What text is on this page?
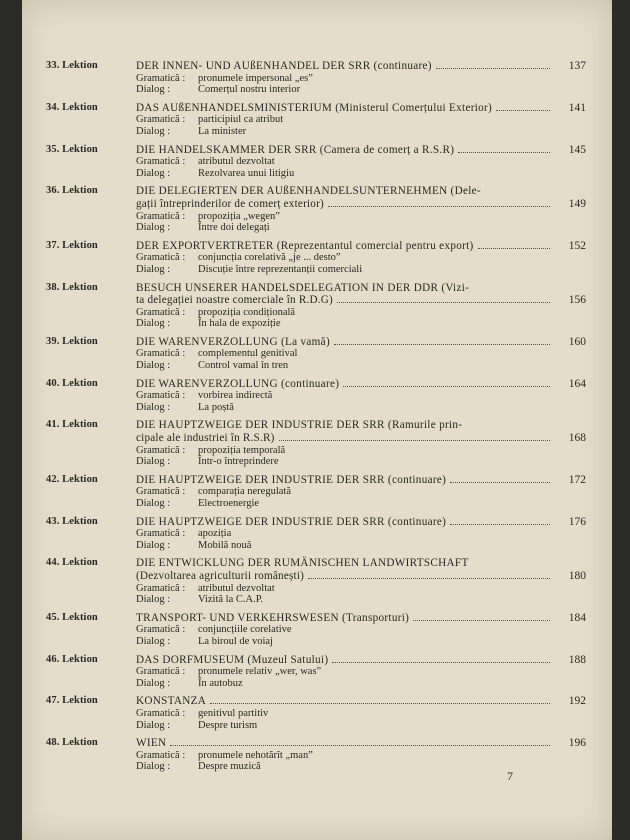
33. Lektion	DER INNEN- UND AUßENHANDEL DER SRR (continuare)	137
Gramatică :	pronumele impersonal „es”
Dialog :	Comerțul nostru interior
34. Lektion	DAS AUßENHANDELSMINISTERIUM (Ministerul Comerțului Exterior)	141
Gramatică :	participiul ca atribut
Dialog :	La minister
35. Lektion	DIE HANDELSKAMMER DER SRR (Camera de comerț a R.S.R)	145
Gramatică :	atributul dezvoltat
Dialog :	Rezolvarea unui litigiu
36. Lektion	DIE DELEGIERTEN DER AUßENHANDELSUNTERNEHMEN (Dele-
gații întreprinderilor de comerț exterior)	149
Gramatică :	propoziția „wegen”
Dialog :	Între doi delegați
37. Lektion	DER EXPORTVERTRETER (Reprezentantul comercial pentru export)	152
Gramatică :	conjuncția corelativă „je ... desto”
Dialog :	Discuție între reprezentanții comerciali
38. Lektion	BESUCH UNSERER HANDELSDELEGATION IN DER DDR (Vizi-
ta delegației noastre comerciale în R.D.G)	156
Gramatică :	propoziția condițională
Dialog :	În hala de expoziție
39. Lektion	DIE WARENVERZOLLUNG (La vamă)	160
Gramatică :	complementul genitival
Dialog :	Control vamal în tren
40. Lektion	DIE WARENVERZOLLUNG (continuare)	164
Gramatică :	vorbirea indirectă
Dialog :	La poștă
41. Lektion	DIE HAUPTZWEIGE DER INDUSTRIE DER SRR (Ramurile prin-
cipale ale industriei în R.S.R)	168
Gramatică :	propoziția temporală
Dialog :	Într-o întreprindere
42. Lektion	DIE HAUPTZWEIGE DER INDUSTRIE DER SRR (continuare)	172
Gramatică :	comparația neregulată
Dialog :	Electroenergie
43. Lektion	DIE HAUPTZWEIGE DER INDUSTRIE DER SRR (continuare)	176
Gramatică :	apoziția
Dialog :	Mobilă nouă
44. Lektion	DIE ENTWICKLUNG DER RUMÄNISCHEN LANDWIRTSCHAFT
(Dezvoltarea agriculturii românești)	180
Gramatică :	atributul dezvoltat
Dialog :	Vizită la C.A.P.
45. Lektion	TRANSPORT- UND VERKEHRSWESEN (Transporturi)	184
Gramatică :	conjuncțiile corelative
Dialog :	La biroul de voiaj
46. Lektion	DAS DORFMUSEUM (Muzeul Satului)	188
Gramatică :	pronumele relativ „wer, was”
Dialog :	În autobuz
47. Lektion	KONSTANZA	192
Gramatică :	genitivul partitiv
Dialog :	Despre turism
48. Lektion	WIEN	196
Gramatică :	pronumele nehotărît „man”
Dialog :	Despre muzică
7
